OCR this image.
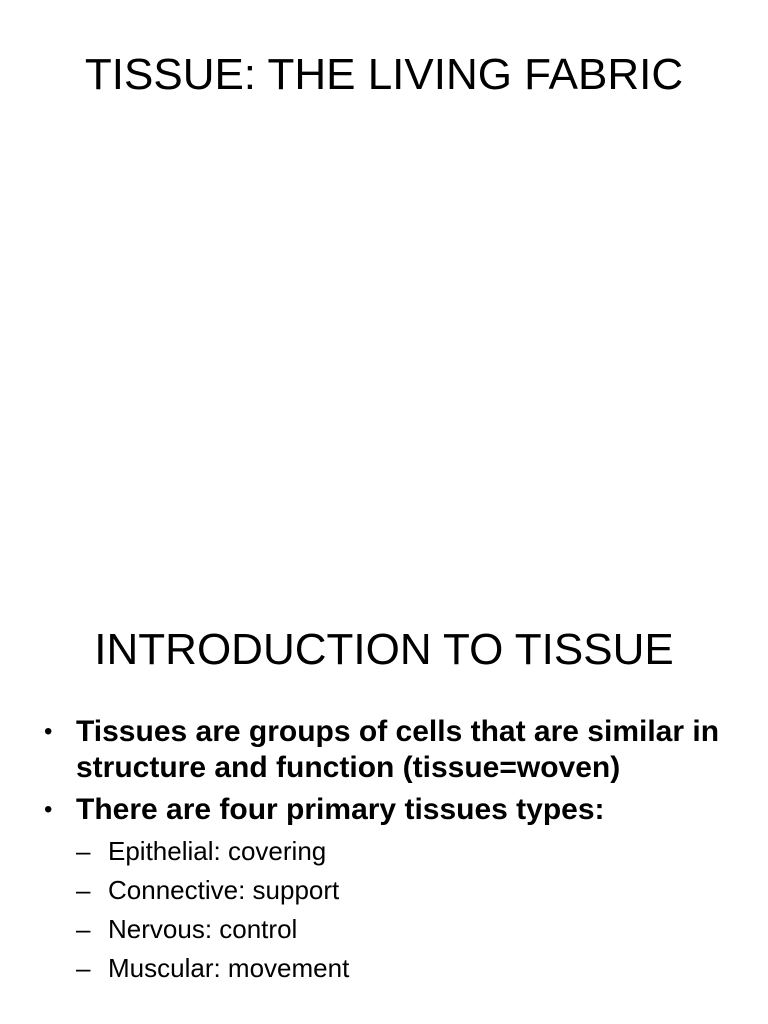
TISSUE: THE LIVING FABRIC
INTRODUCTION TO TISSUE
• Tissues are groups of cells that are similar in structure and function (tissue=woven)
• There are four primary tissues types:
– Epithelial: covering
– Connective: support
– Nervous: control
– Muscular: movement
